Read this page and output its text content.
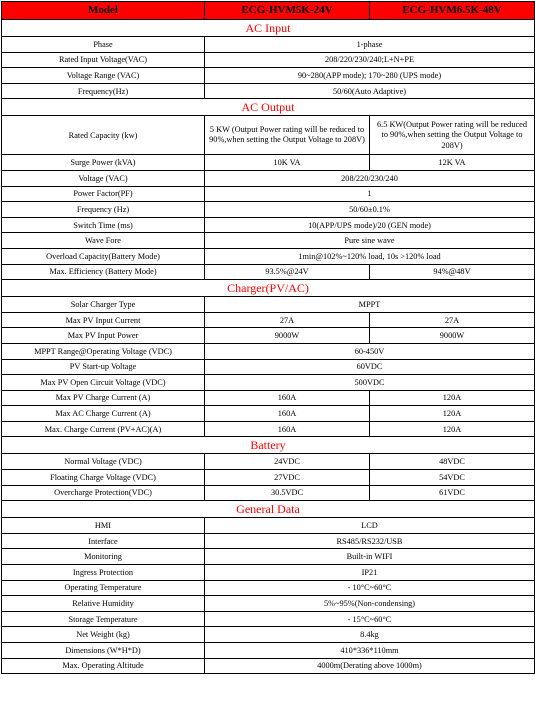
Model	ECG-HVM5K-24V	ECG-HVM6.5K-48V
AC Input		
Phase	1-phase	
Rated Input Voltage(VAC)	208/220/230/240;L+N+PE	
Voltage Range (VAC)	90~280(APP mode); 170~280 (UPS mode)	
Frequency(Hz)	50/60(Auto Adaptive)	
AC Output		
Rated Capacity (kw)	5 KW (Output Power rating will be reduced to 90%,when setting the Output Voltage to 208V)	6.5 KW(Output Power rating will be reduced to 90%,when setting the Output Voltage to 208V)
Surge Power (kVA)	10K VA	12K VA
Voltage (VAC)	208/220/230/240	
Power Factor(PF)	1	
Frequency (Hz)	50/60±0.1%	
Switch Time (ms)	10(APP/UPS mode)/20 (GEN mode)	
Wave Fore	Pure sine wave	
Overload Capacity(Battery Mode)	1min@102%~120% load, 10s >120% load	
Max. Efficiency (Battery Mode)	93.5%@24V	94%@48V
Charger(PV/AC)		
Solar Charger Type	MPPT	
Max PV Input Current	27A	27A
Max PV Input Power	9000W	9000W
MPPT Range@Operating Voltage (VDC)	60-450V	
PV Start-up Voltage	60VDC	
Max PV Open Circuit Voltage (VDC)	500VDC	
Max PV Charge Current (A)	160A	120A
Max AC Charge Current (A)	160A	120A
Max. Charge Current (PV+AC)(A)	160A	120A
Battery		
Normal Voltage (VDC)	24VDC	48VDC
Floating Charge Voltage (VDC)	27VDC	54VDC
Overcharge Protection(VDC)	30.5VDC	61VDC
General Data		
HMI	LCD	
Interface	RS485/RS232/USB	
Monitoring	Built-in WIFI	
Ingress Protection	IP21	
Operating Temperature	- 10°C~60°C	
Relative Humidity	5%~95%(Non-condensing)	
Storage Temperature	- 15°C~60°C	
Net Weight (kg)	8.4kg	
Dimensions (W*H*D)	410*336*110mm	
Max. Operating Altitude	4000m(Derating above 1000m)	
